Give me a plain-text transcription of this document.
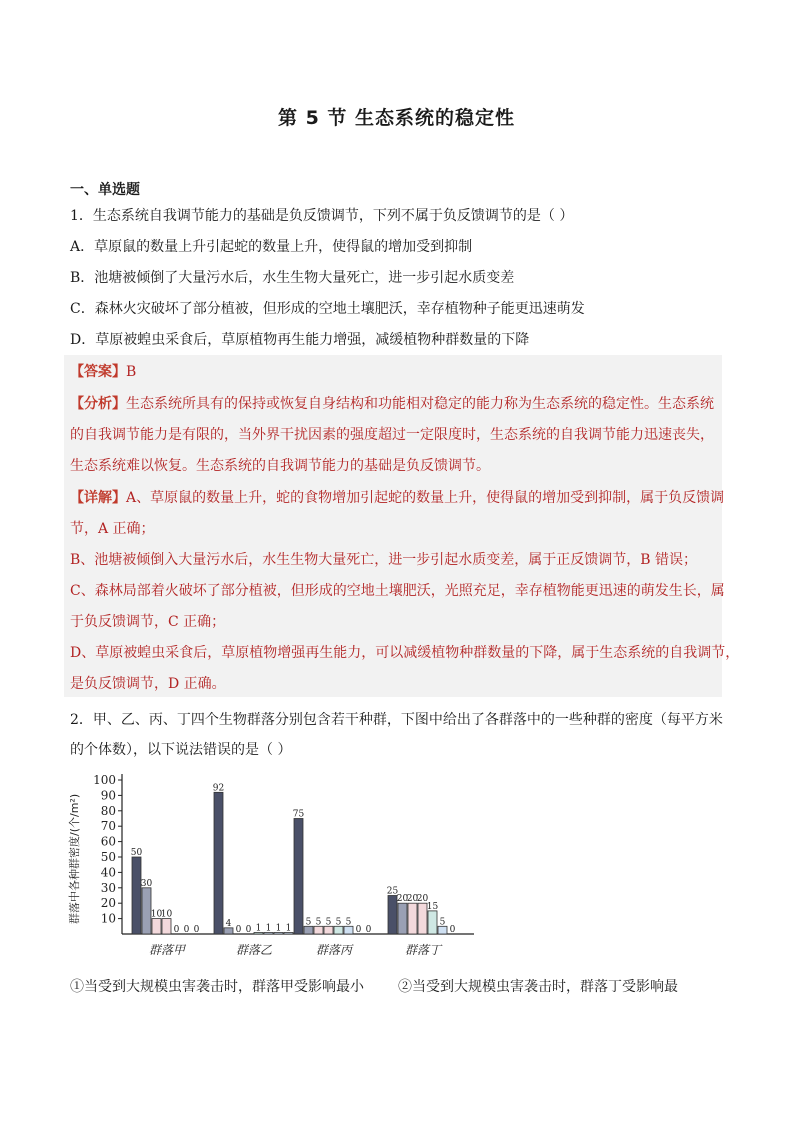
第 5 节 生态系统的稳定性
一、单选题
1．生态系统自我调节能力的基础是负反馈调节，下列不属于负反馈调节的是（ ）
A．草原鼠的数量上升引起蛇的数量上升，使得鼠的增加受到抑制
B．池塘被倾倒了大量污水后，水生生物大量死亡，进一步引起水质变差
C．森林火灾破坏了部分植被，但形成的空地土壤肥沃，幸存植物种子能更迅速萌发
D．草原被蝗虫采食后，草原植物再生能力增强，减缓植物种群数量的下降
【答案】B
【分析】生态系统所具有的保持或恢复自身结构和功能相对稳定的能力称为生态系统的稳定性。生态系统
的自我调节能力是有限的，当外界干扰因素的强度超过一定限度时，生态系统的自我调节能力迅速丧失，
生态系统难以恢复。生态系统的自我调节能力的基础是负反馈调节。
【详解】A、草原鼠的数量上升，蛇的食物增加引起蛇的数量上升，使得鼠的增加受到抑制，属于负反馈调
节，A 正确；
B、池塘被倾倒入大量污水后，水生生物大量死亡，进一步引起水质变差，属于正反馈调节，B 错误；
C、森林局部着火破坏了部分植被，但形成的空地土壤肥沃，光照充足，幸存植物能更迅速的萌发生长，属
于负反馈调节，C 正确；
D、草原被蝗虫采食后，草原植物增强再生能力，可以减缓植物种群数量的下降，属于生态系统的自我调节，
是负反馈调节，D 正确。
2．甲、乙、丙、丁四个生物群落分别包含若干种群，下图中给出了各群落中的一些种群的密度（每平方米
的个体数），以下说法错误的是（ ）
10
20
30
40
50
60
70
80
90
100
群落中各种群密度/(个/m²)	50
30
10
10
0 0 0
群落甲
92
4
0 0 1 1 1 1
群落乙
75
5 5 5 5 5
0 0
群落丙
25
20
20
20
15
5
0
群落丁
①当受到大规模虫害袭击时，群落甲受影响最小 ②当受到大规模虫害袭击时，群落丁受影响最
